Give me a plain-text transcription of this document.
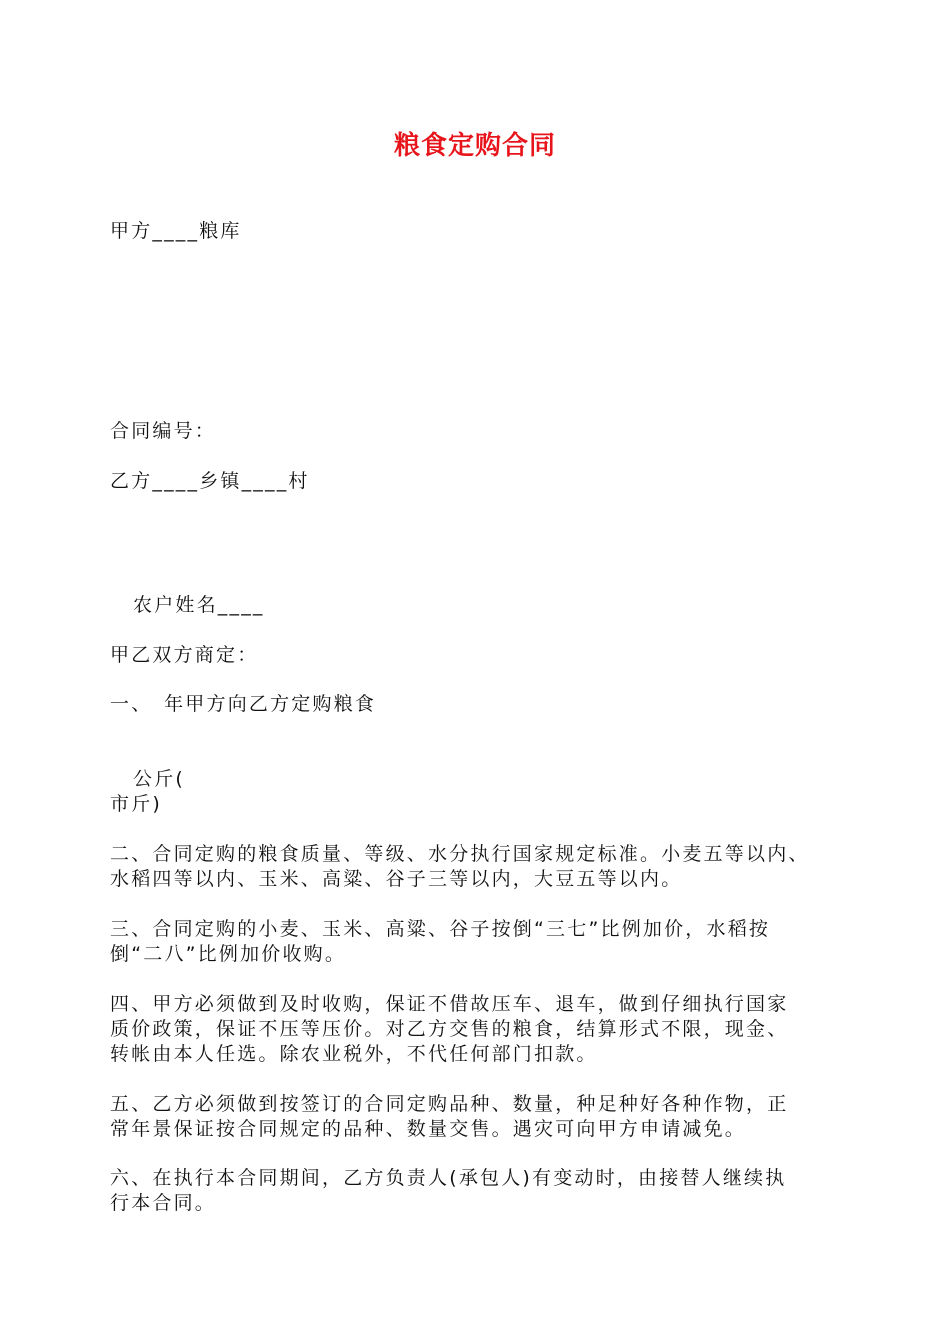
粮食定购合同
甲方____粮库
合同编号：
乙方____乡镇____村
农户姓名____
甲乙双方商定：
一、　年甲方向乙方定购粮食
公斤(
市斤)
二、合同定购的粮食质量、等级、水分执行国家规定标准。小麦五等以内、
水稻四等以内、玉米、高粱、谷子三等以内，大豆五等以内。
三、合同定购的小麦、玉米、高粱、谷子按倒“三七”比例加价，水稻按
倒“二八”比例加价收购。
四、甲方必须做到及时收购，保证不借故压车、退车，做到仔细执行国家
质价政策，保证不压等压价。对乙方交售的粮食，结算形式不限，现金、
转帐由本人任选。除农业税外，不代任何部门扣款。
五、乙方必须做到按签订的合同定购品种、数量，种足种好各种作物，正
常年景保证按合同规定的品种、数量交售。遇灾可向甲方申请减免。
六、在执行本合同期间，乙方负责人(承包人)有变动时，由接替人继续执
行本合同。
